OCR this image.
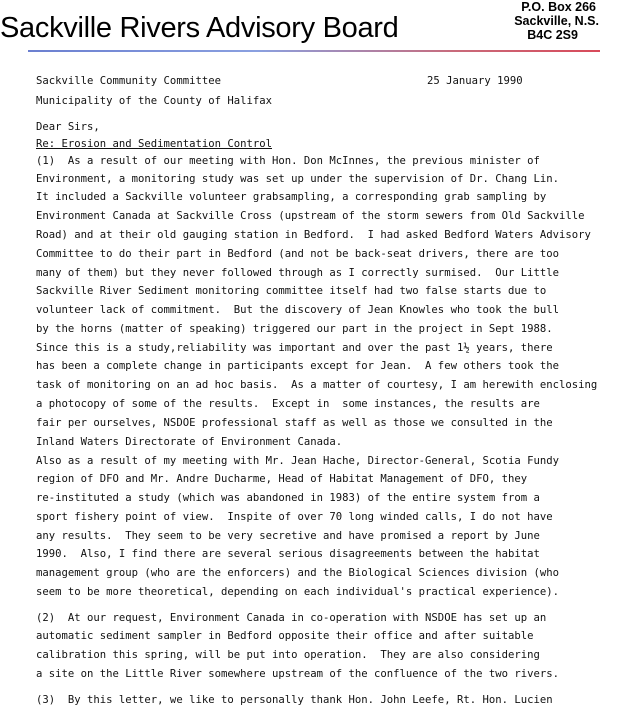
Sackville Rivers Advisory Board
P.O. Box 266
Sackville, N.S.
B4C 2S9
Sackville Community Committee	25 January 1990
Municipality of the County of Halifax
Dear Sirs,
Re: Erosion and Sedimentation Control
(1)  As a result of our meeting with Hon. Don McInnes, the previous minister of
Environment, a monitoring study was set up under the supervision of Dr. Chang Lin.
It included a Sackville volunteer grabsampling, a corresponding grab sampling by
Environment Canada at Sackville Cross (upstream of the storm sewers from Old Sackville
Road) and at their old gauging station in Bedford.  I had asked Bedford Waters Advisory
Committee to do their part in Bedford (and not be back-seat drivers, there are too
many of them) but they never followed through as I correctly surmised.  Our Little
Sackville River Sediment monitoring committee itself had two false starts due to
volunteer lack of commitment.  But the discovery of Jean Knowles who took the bull
by the horns (matter of speaking) triggered our part in the project in Sept 1988.
Since this is a study,reliability was important and over the past 1½ years, there
has been a complete change in participants except for Jean.  A few others took the
task of monitoring on an ad hoc basis.  As a matter of courtesy, I am herewith enclosing
a photocopy of some of the results.  Except in  some instances, the results are
fair per ourselves, NSDOE professional staff as well as those we consulted in the
Inland Waters Directorate of Environment Canada.
Also as a result of my meeting with Mr. Jean Hache, Director-General, Scotia Fundy
region of DFO and Mr. Andre Ducharme, Head of Habitat Management of DFO, they
re-instituted a study (which was abandoned in 1983) of the entire system from a
sport fishery point of view.  Inspite of over 70 long winded calls, I do not have
any results.  They seem to be very secretive and have promised a report by June
1990.  Also, I find there are several serious disagreements between the habitat
management group (who are the enforcers) and the Biological Sciences division (who
seem to be more theoretical, depending on each individual's practical experience).
(2)  At our request, Environment Canada in co-operation with NSDOE has set up an
automatic sediment sampler in Bedford opposite their office and after suitable
calibration this spring, will be put into operation.  They are also considering
a site on the Little River somewhere upstream of the confluence of the two rivers.
(3)  By this letter, we like to personally thank Hon. John Leefe, Rt. Hon. Lucien
